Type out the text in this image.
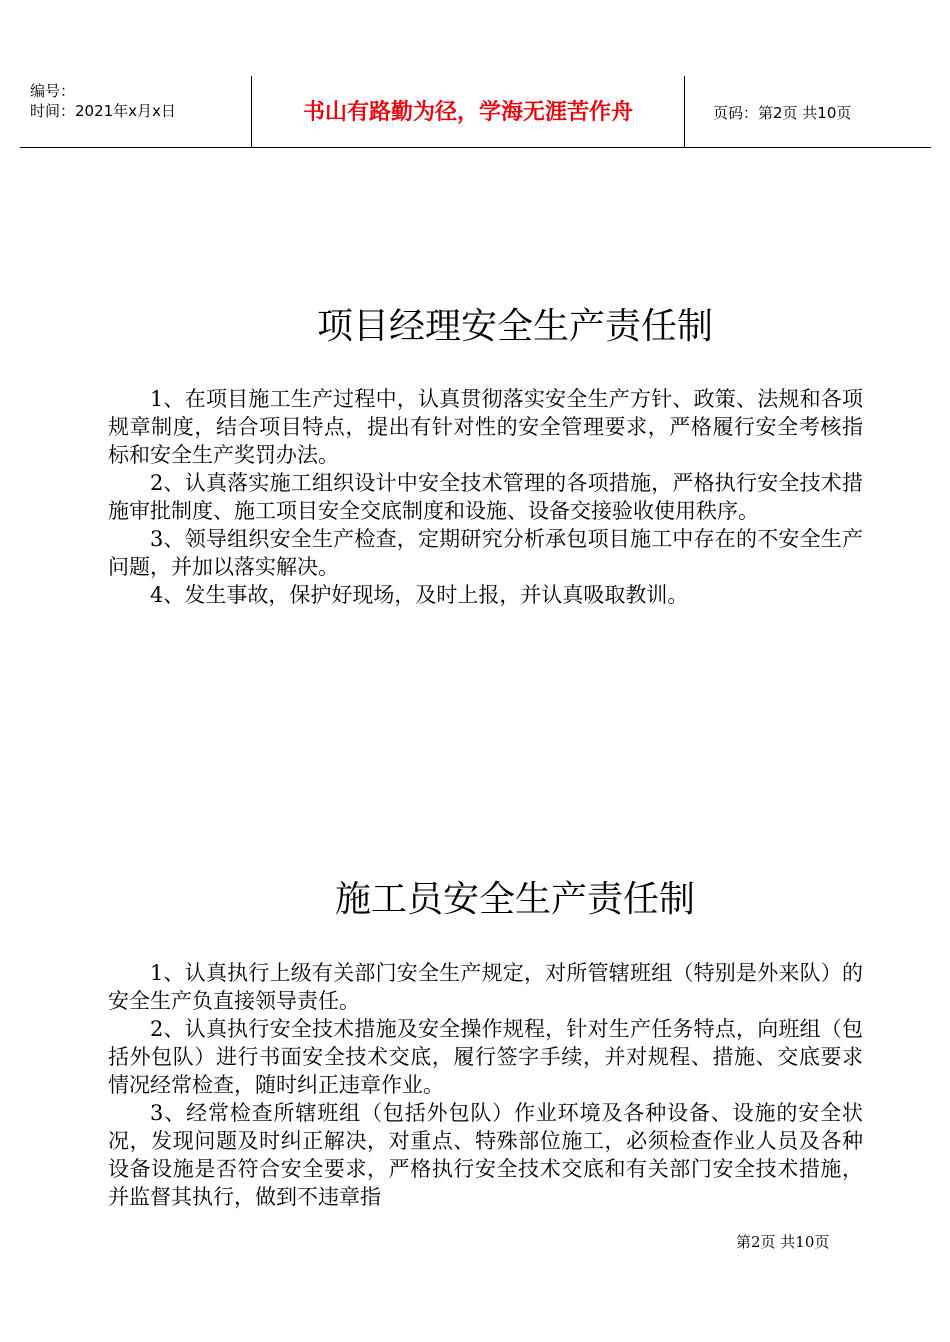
编号：
时间：2021年x月x日	书山有路勤为径，学海无涯苦作舟	页码：第2页 共10页
项目经理安全生产责任制

1、在项目施工生产过程中，认真贯彻落实安全生产方针、政策、法规和各项规章制度，结合项目特点，提出有针对性的安全管理要求，严格履行安全考核指标和安全生产奖罚办法。

2、认真落实施工组织设计中安全技术管理的各项措施，严格执行安全技术措施审批制度、施工项目安全交底制度和设施、设备交接验收使用秩序。

3、领导组织安全生产检查，定期研究分析承包项目施工中存在的不安全生产问题，并加以落实解决。

4、发生事故，保护好现场，及时上报，并认真吸取教训。

施工员安全生产责任制

1、认真执行上级有关部门安全生产规定，对所管辖班组（特别是外来队）的安全生产负直接领导责任。

2、认真执行安全技术措施及安全操作规程，针对生产任务特点，向班组（包括外包队）进行书面安全技术交底，履行签字手续，并对规程、措施、交底要求情况经常检查，随时纠正违章作业。

3、经常检查所辖班组（包括外包队）作业环境及各种设备、设施的安全状况，发现问题及时纠正解决，对重点、特殊部位施工，必须检查作业人员及各种设备设施是否符合安全要求，严格执行安全技术交底和有关部门安全技术措施，并监督其执行，做到不违章指

第2页 共10页
